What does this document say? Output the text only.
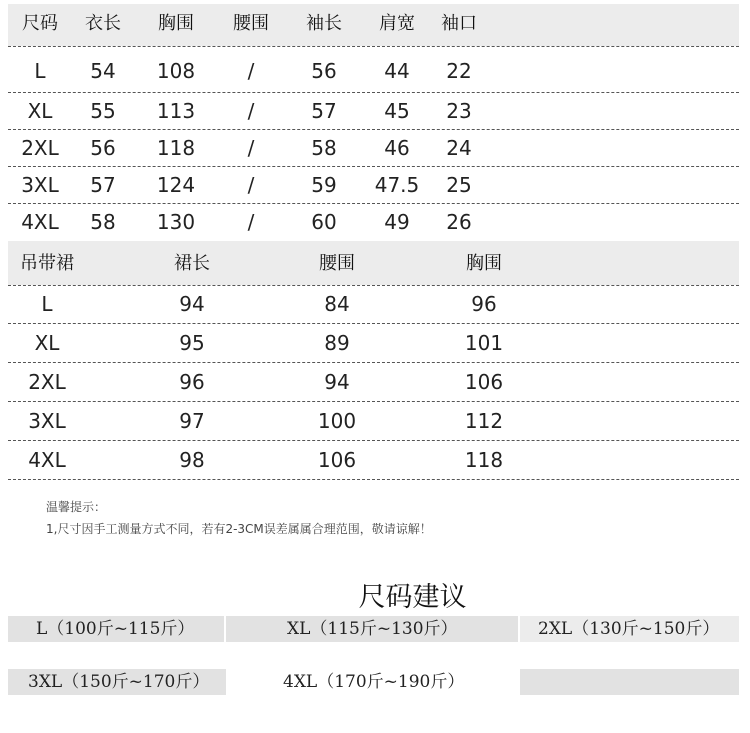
尺码 衣长 胸围 腰围 袖长 肩宽 袖口
L 54 108	/	56 44 22
XL 55 113	/	57 45 23
2XL 56 118	/	58 46 24
3XL 57 124	/	59 47.5 25
4XL 58 130	/	60 49 26
吊带裙	裙长	腰围	胸围
L	94	84	96
XL	95	89	101
2XL	96	94	106
3XL	97	100	112
4XL	98	106	118
温馨提示：
1,尺寸因手工测量方式不同，若有2-3CM误差属属合理范围，敬请谅解！
尺码建议
L（100斤~115斤）	XL（115斤~130斤）	2XL（130斤~150斤）
3XL（150斤~170斤）	4XL（170斤~190斤）
